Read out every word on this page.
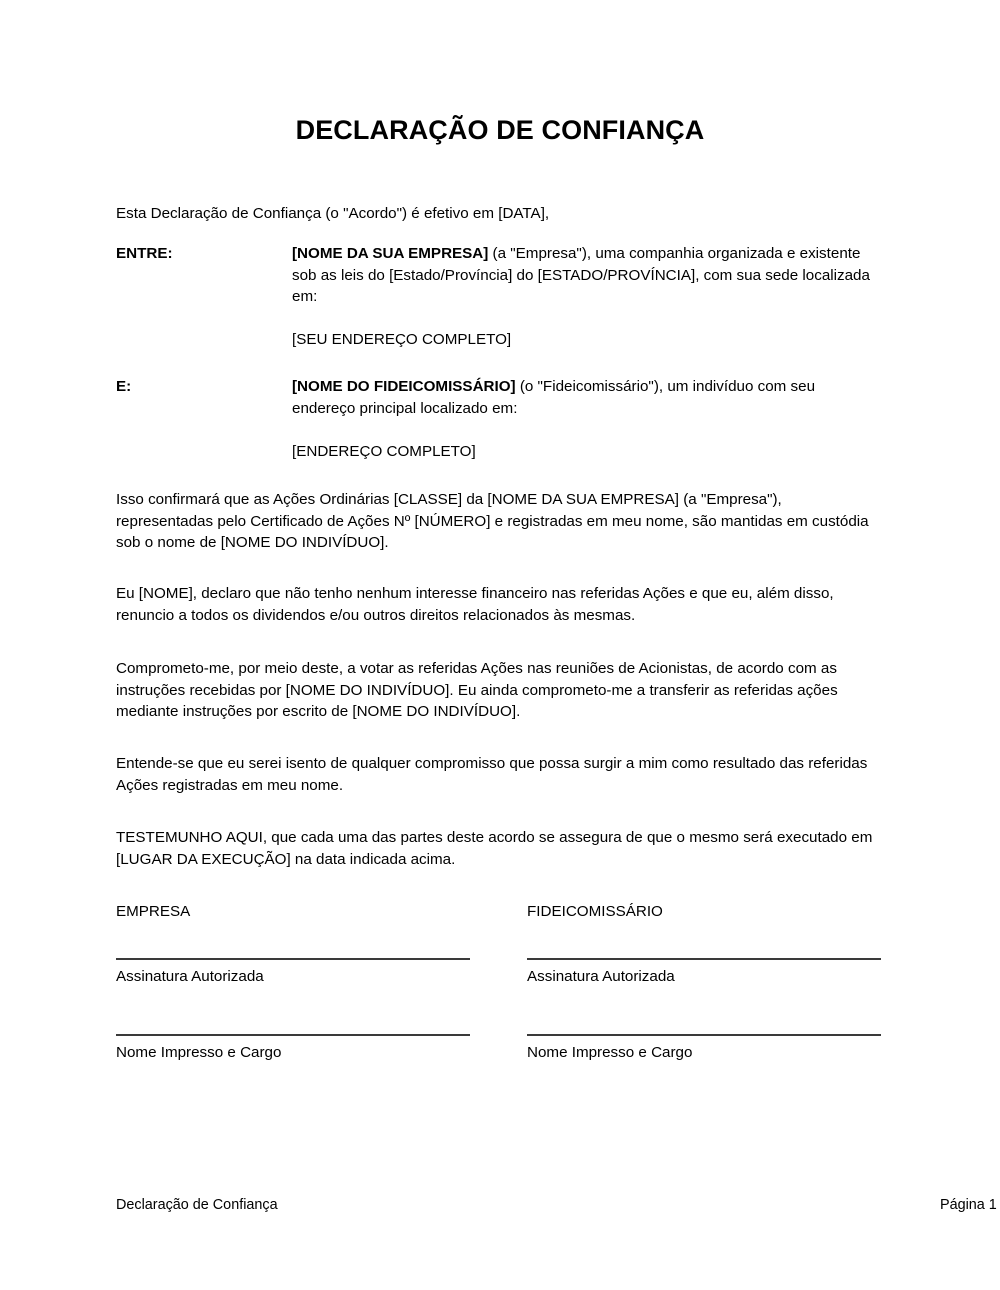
DECLARAÇÃO DE CONFIANÇA
Esta Declaração de Confiança (o "Acordo") é efetivo em [DATA],
ENTRE:	[NOME DA SUA EMPRESA] (a "Empresa"), uma companhia organizada e existente sob as leis do [Estado/Província] do [ESTADO/PROVÍNCIA], com sua sede localizada em:
[SEU ENDEREÇO COMPLETO]
E:	[NOME DO FIDEICOMISSÁRIO] (o "Fideicomissário"), um indivíduo com seu endereço principal localizado em:
[ENDEREÇO COMPLETO]
Isso confirmará que as Ações Ordinárias [CLASSE] da [NOME DA SUA EMPRESA] (a "Empresa"), representadas pelo Certificado de Ações Nº [NÚMERO] e registradas em meu nome, são mantidas em custódia sob o nome de [NOME DO INDIVÍDUO].
Eu [NOME], declaro que não tenho nenhum interesse financeiro nas referidas Ações e que eu, além disso, renuncio a todos os dividendos e/ou outros direitos relacionados às mesmas.
Comprometo-me, por meio deste, a votar as referidas Ações nas reuniões de Acionistas, de acordo com as instruções recebidas por [NOME DO INDIVÍDUO]. Eu ainda comprometo-me a transferir as referidas ações mediante instruções por escrito de [NOME DO INDIVÍDUO].
Entende-se que eu serei isento de qualquer compromisso que possa surgir a mim como resultado das referidas Ações registradas em meu nome.
TESTEMUNHO AQUI, que cada uma das partes deste acordo se assegura de que o mesmo será executado em [LUGAR DA EXECUÇÃO] na data indicada acima.
EMPRESA	FIDEICOMISSÁRIO
Assinatura Autorizada	Assinatura Autorizada
Nome Impresso e Cargo	Nome Impresso e Cargo
Declaração de Confiança	Página 1
